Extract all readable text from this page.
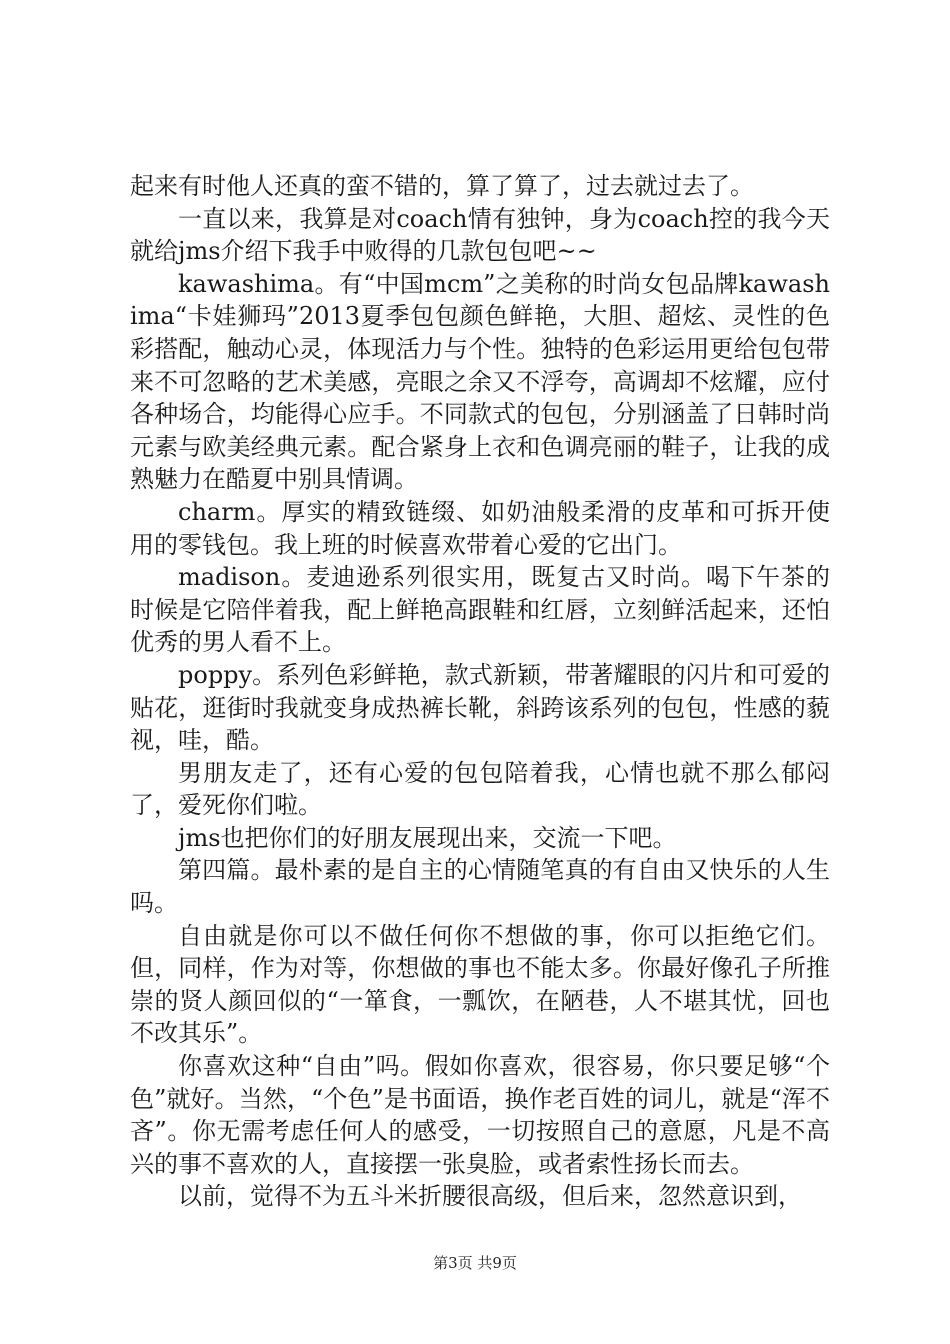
起来有时他人还真的蛮不错的，算了算了，过去就过去了。

一直以来，我算是对coach情有独钟，身为coach控的我今天就给jms介绍下我手中败得的几款包包吧~~

kawashima。有“中国mcm”之美称的时尚女包品牌kawashima“卡娃狮玛”2013夏季包包颜色鲜艳，大胆、超炫、灵性的色彩搭配，触动心灵，体现活力与个性。独特的色彩运用更给包包带来不可忽略的艺术美感，亮眼之余又不浮夸，高调却不炫耀，应付各种场合，均能得心应手。不同款式的包包，分别涵盖了日韩时尚元素与欧美经典元素。配合紧身上衣和色调亮丽的鞋子，让我的成熟魅力在酷夏中别具情调。

charm。厚实的精致链缀、如奶油般柔滑的皮革和可拆开使用的零钱包。我上班的时候喜欢带着心爱的它出门。

madison。麦迪逊系列很实用，既复古又时尚。喝下午茶的时候是它陪伴着我，配上鲜艳高跟鞋和红唇，立刻鲜活起来，还怕优秀的男人看不上。

poppy。系列色彩鲜艳，款式新颖，带著耀眼的闪片和可爱的贴花，逛街时我就变身成热裤长靴，斜跨该系列的包包，性感的藐视，哇，酷。

男朋友走了，还有心爱的包包陪着我，心情也就不那么郁闷了，爱死你们啦。

jms也把你们的好朋友展现出来，交流一下吧。

第四篇。最朴素的是自主的心情随笔真的有自由又快乐的人生吗。

自由就是你可以不做任何你不想做的事，你可以拒绝它们。但，同样，作为对等，你想做的事也不能太多。你最好像孔子所推崇的贤人颜回似的“一箪食，一瓢饮，在陋巷，人不堪其忧，回也不改其乐”。

你喜欢这种“自由”吗。假如你喜欢，很容易，你只要足够“个色”就好。当然，“个色”是书面语，换作老百姓的词儿，就是“浑不吝”。你无需考虑任何人的感受，一切按照自己的意愿，凡是不高兴的事不喜欢的人，直接摆一张臭脸，或者索性扬长而去。

以前，觉得不为五斗米折腰很高级，但后来，忽然意识到，

第3页 共9页
